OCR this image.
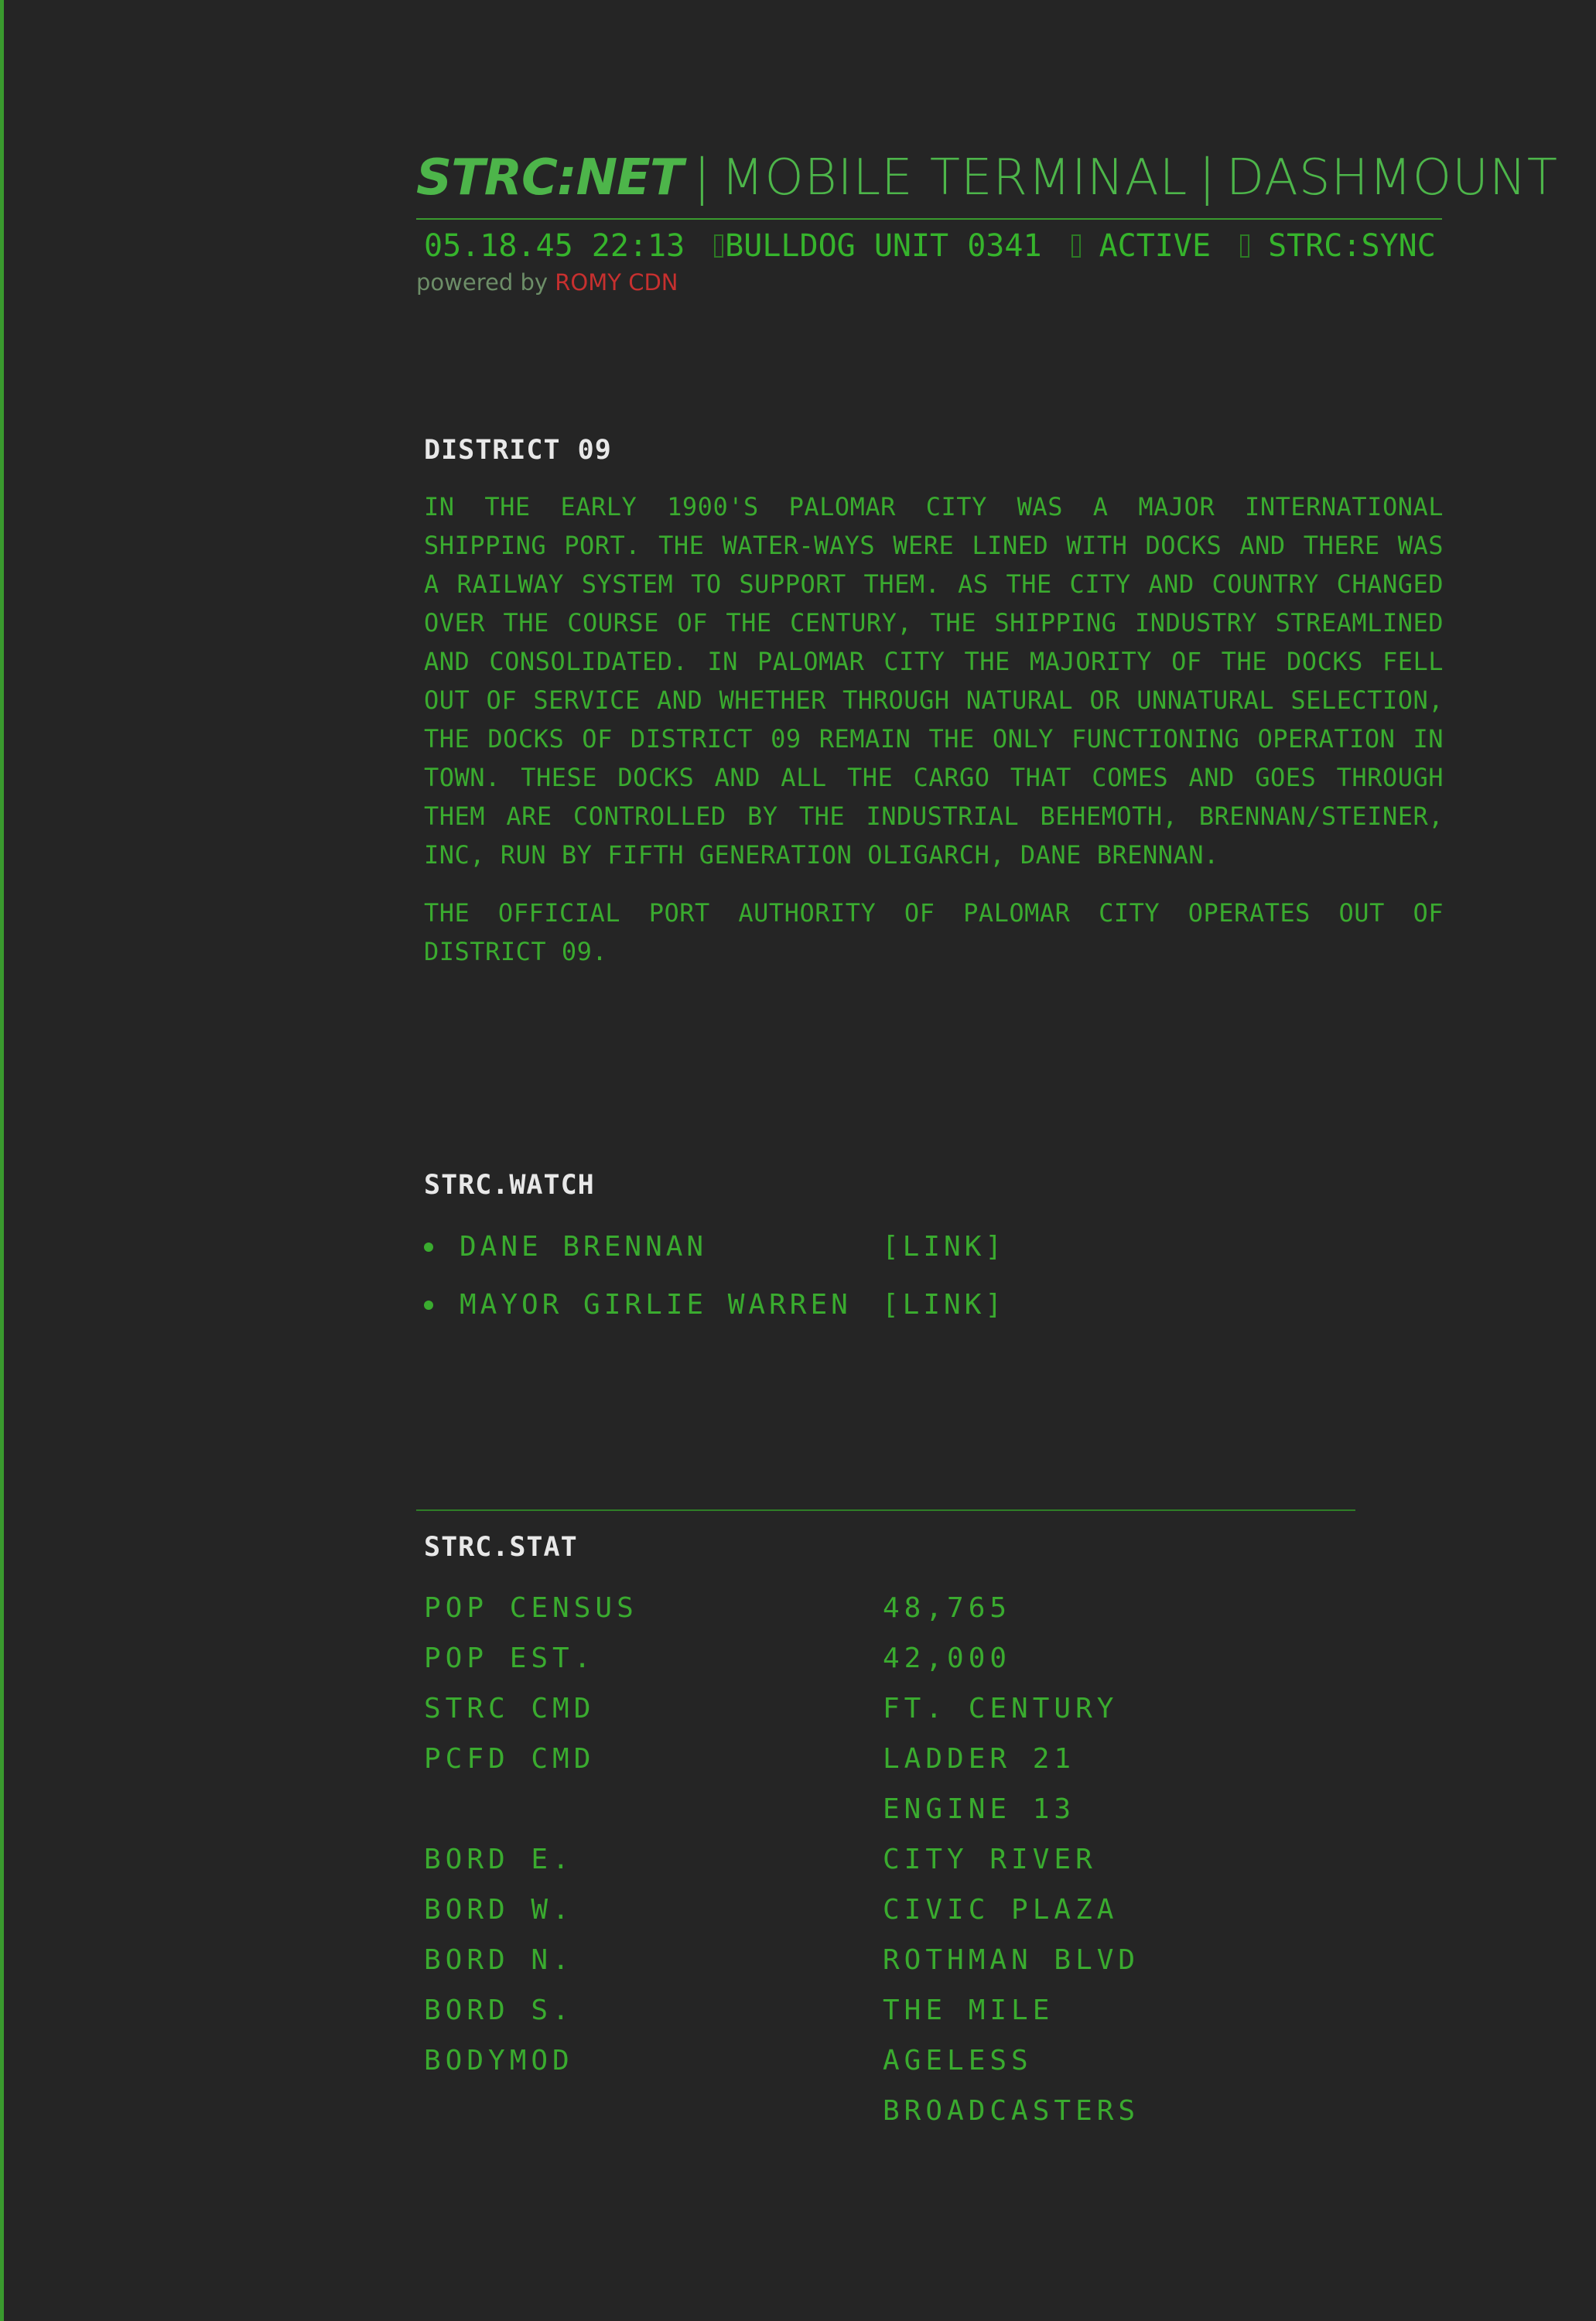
STRC:NET | MOBILE TERMINAL | DASHMOUNT
05.18.45 22:13 BULLDOG UNIT 0341 ACTIVE STRC:SYNC
powered by ROMY CDN
DISTRICT 09

IN THE EARLY 1900'S PALOMAR CITY WAS A MAJOR INTERNATIONAL SHIPPING PORT. THE WATER-WAYS WERE LINED WITH DOCKS AND THERE WAS A RAILWAY SYSTEM TO SUPPORT THEM. AS THE CITY AND COUNTRY CHANGED OVER THE COURSE OF THE CENTURY, THE SHIPPING INDUSTRY STREAMLINED AND CONSOLIDATED. IN PALOMAR CITY THE MAJORITY OF THE DOCKS FELL OUT OF SERVICE AND WHETHER THROUGH NATURAL OR UNNATURAL SELECTION, THE DOCKS OF DISTRICT 09 REMAIN THE ONLY FUNCTIONING OPERATION IN TOWN. THESE DOCKS AND ALL THE CARGO THAT COMES AND GOES THROUGH THEM ARE CONTROLLED BY THE INDUSTRIAL BEHEMOTH, BRENNAN/STEINER, INC, RUN BY FIFTH GENERATION OLIGARCH, DANE BRENNAN.

THE OFFICIAL PORT AUTHORITY OF PALOMAR CITY OPERATES OUT OF DISTRICT 09.

STRC.WATCH
DANE BRENNAN	[LINK]
MAYOR GIRLIE WARREN	[LINK]
STRC.STAT
POP CENSUS	48,765
POP EST.	42,000
STRC CMD	FT. CENTURY
PCFD CMD	LADDER 21
ENGINE 13
BORD E.	CITY RIVER
BORD W.	CIVIC PLAZA
BORD N.	ROTHMAN BLVD
BORD S.	THE MILE
BODYMOD	AGELESS
BROADCASTERS
